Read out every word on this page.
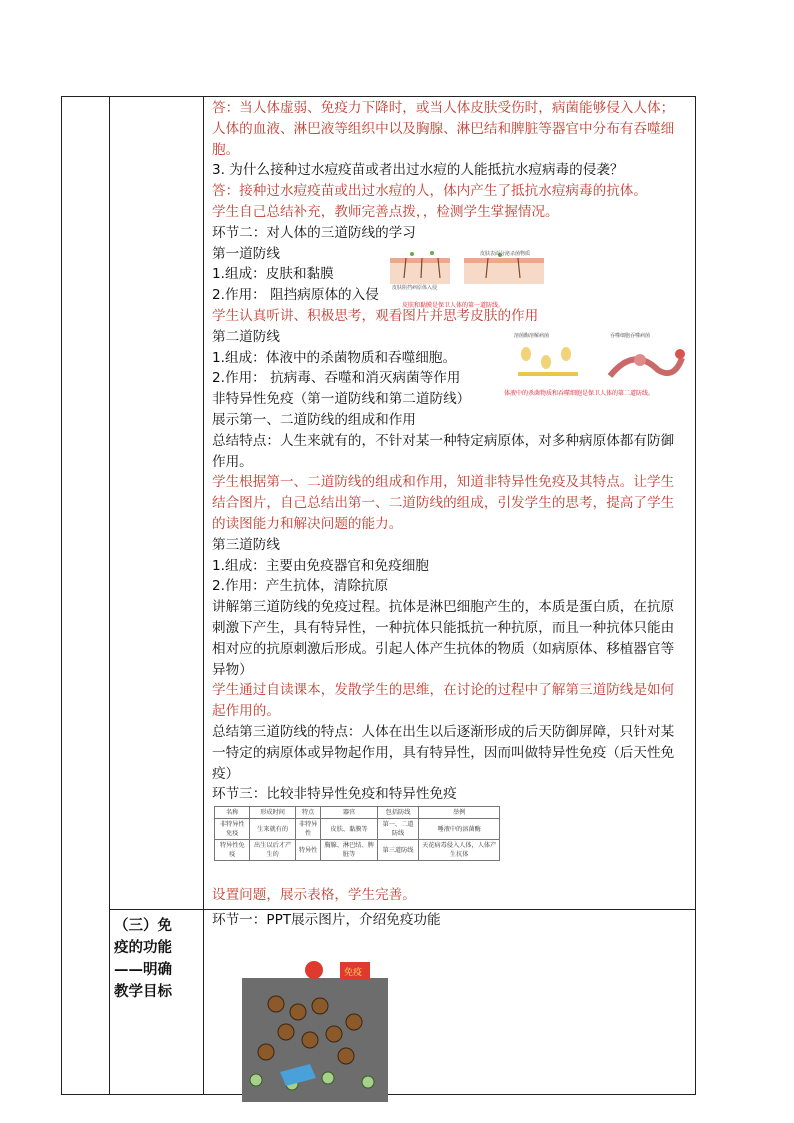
答：当人体虚弱、免疫力下降时，或当人体皮肤受伤时，病菌能够侵入人体；

人体的血液、淋巴液等组织中以及胸腺、淋巴结和脾脏等器官中分布有吞噬细

胞。

3. 为什么接种过水痘疫苗或者出过水痘的人能抵抗水痘病毒的侵袭？

答：接种过水痘疫苗或出过水痘的人，体内产生了抵抗水痘病毒的抗体。

学生自己总结补充，教师完善点拨，，检测学生掌握情况。

环节二：对人体的三道防线的学习

第一道防线

1.组成：皮肤和黏膜

2.作用： 阻挡病原体的入侵

学生认真听讲、积极思考，观看图片并思考皮肤的作用

第二道防线

1.组成：体液中的杀菌物质和吞噬细胞。

2.作用： 抗病毒、吞噬和消灭病菌等作用

非特异性免疫（第一道防线和第二道防线）

展示第一、二道防线的组成和作用

总结特点：人生来就有的，不针对某一种特定病原体，对多种病原体都有防御

作用。

学生根据第一、二道防线的组成和作用，知道非特异性免疫及其特点。让学生

结合图片，自己总结出第一、二道防线的组成，引发学生的思考，提高了学生

的读图能力和解决问题的能力。

第三道防线

1.组成：主要由免疫器官和免疫细胞

2.作用：产生抗体，清除抗原

讲解第三道防线的免疫过程。抗体是淋巴细胞产生的，本质是蛋白质，在抗原

刺激下产生，具有特异性，一种抗体只能抵抗一种抗原，而且一种抗体只能由

相对应的抗原刺激后形成。引起人体产生抗体的物质（如病原体、移植器官等

异物）

学生通过自读课本，发散学生的思维，在讨论的过程中了解第三道防线是如何

起作用的。

总结第三道防线的特点：人体在出生以后逐渐形成的后天防御屏障，只针对某

一特定的病原体或异物起作用，具有特异性，因而叫做特异性免疫（后天性免

疫）

环节三：比较非特异性免疫和特异性免疫

设置问题，展示表格，学生完善。

皮肤阻挡病原体入侵
皮肤表面分泌杀菌物质
皮肤和黏膜是保卫人体的第一道防线。
溶菌酶溶解病菌	吞噬细胞吞噬病菌
体液中的杀菌物质和吞噬细胞是保卫人体的第二道防线。
名称	形成时间	特点	器官	包括防线	举例
非特异性免疫	生来就有的	非特异性	皮肤、黏膜等	第一、二道防线	唾液中的溶菌酶
特异性免疫	出生以后才产生的	特异性	胸腺、淋巴结、脾脏等	第三道防线	天花病毒侵入人体，人体产生抗体
（三）免
疫的功能
——明确
教学目标
环节一：PPT展示图片，介绍免疫功能
免疫
